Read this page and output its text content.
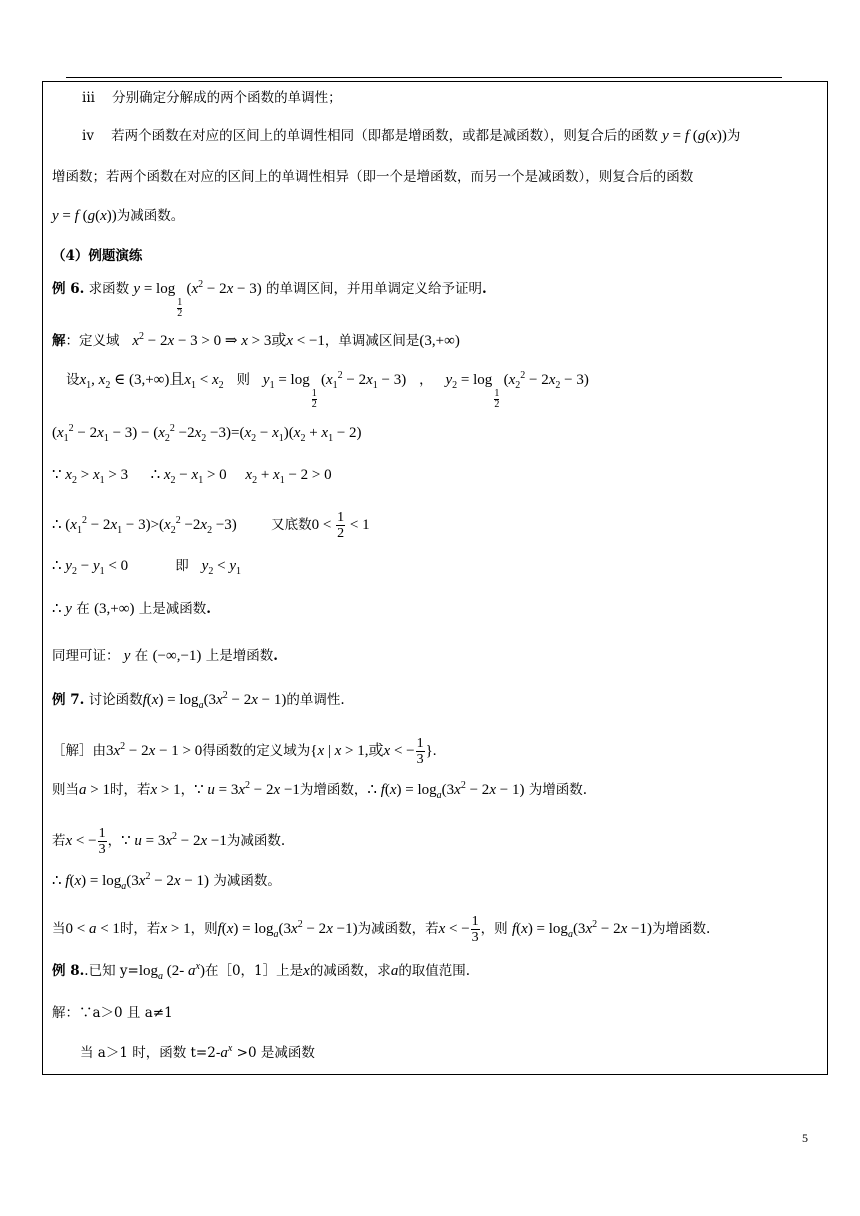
iii 分别确定分解成的两个函数的单调性；
iv 若两个函数在对应的区间上的单调性相同（即都是增函数，或都是减函数），则复合后的函数 y = f (g(x))为
增函数；若两个函数在对应的区间上的单调性相异（即一个是增函数，而另一个是减函数），则复合后的函数
y = f (g(x))为减函数。
（4）例题演练
例 6. 求函数 y = log
1
2
$(x^2 - 2x - 3)$ 的单调区间，并用单调定义给予证明.
解：定义域 $x^2 - 2x - 3 > 0$ ⇒ x > 3或x < −1，单调减区间是(3,+∞)
设$x_1$, $x_2$ ∈ (3,+∞)且$x_1 < x_2$ 则 $y_1 = \log$
1
2
$(x_1^2 - 2x_1 - 3)$   ，   $y_2 = \log$
1
2
$(x_2^2 - 2x_2 - 3)$
$(x_1^2 - 2x_1 - 3) - (x_2^2 -2x_2 -3)=(x_2 - x_1)(x_2 + x_1 - 2)$
∵ $x_2 > x_1 > 3$      ∴ $x_2 - x_1 > 0$     $x_2 + x_1 - 2 > 0$
∴ $(x_1^2 - 2x_1 - 3)>(x_2^2 -2x_2 -3)$	又底数$0 < \frac{1}{2} < 1$
∴ $y_2 - y_1 < 0$	即 $y_2 < y_1$
∴ y 在 (3,+∞) 上是减函数.
同理可证： y 在 (−∞,−1) 上是增函数.
例 7. 讨论函数$f(x) = \log_a(3x^2 - 2x - 1)$的单调性.
［解］由$3x^2 - 2x - 1 > 0$得函数的定义域为{x | x > 1,或x < − $\frac{1}{3}$ }.
则当a > 1时，若x > 1，∵ $u = 3x^2 - 2x -1$为增函数，∴ $f(x) = \log_a(3x^2 - 2x - 1)$ 为增函数.
若x < − $\frac{1}{3}$ ，∵ $u = 3x^2 - 2x -1$为减函数.
∴ $f(x) = \log_a(3x^2 - 2x - 1)$ 为减函数。
当0 < a < 1时，若x > 1，则$f(x) = \log_a(3x^2 - 2x -1)$为减函数，若x < − $\frac{1}{3}$ ，则 $f(x) = \log_a(3x^2 - 2x -1)$为增函数.
例 8..已知 $y=\log_a$ (2- $a^x$)在［0，1］上是x的减函数，求a的取值范围.
解：∵a＞0 且 a≠1
当 a＞1 时，函数 $t=2-a^x >0$ 是减函数
5
